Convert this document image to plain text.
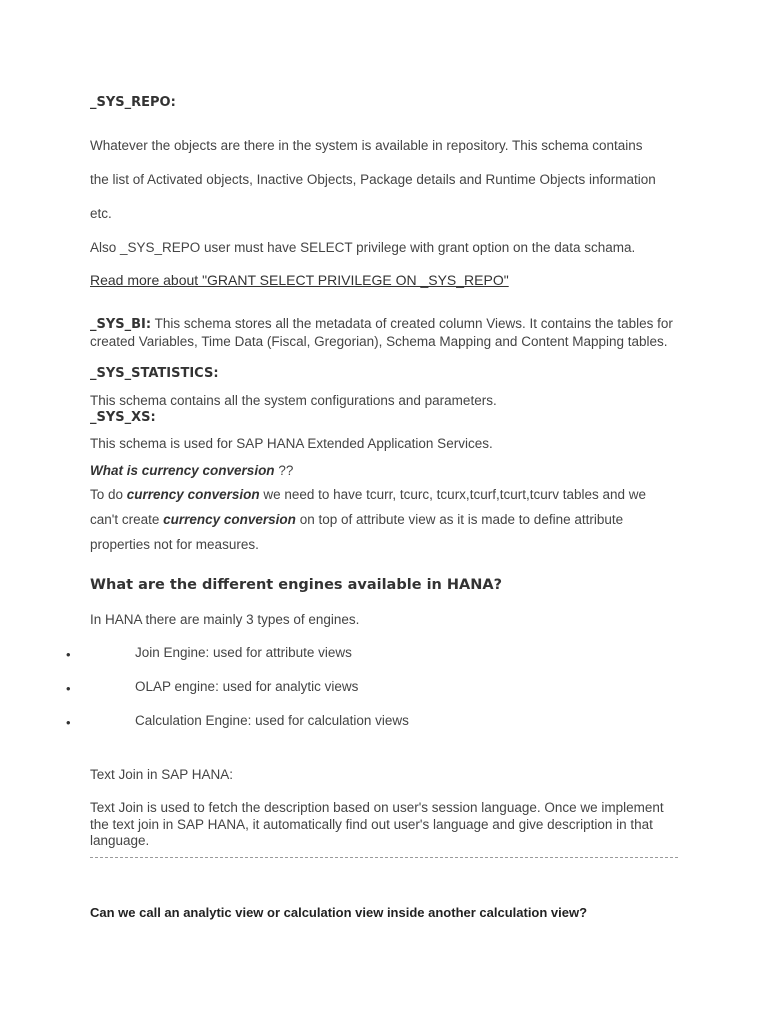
_SYS_REPO:
Whatever the objects are there in the system is available in repository. This schema contains
the list of Activated objects, Inactive Objects, Package details and Runtime Objects information
etc.
Also _SYS_REPO user must have SELECT privilege with grant option on the data schama.
Read more about "GRANT SELECT PRIVILEGE ON _SYS_REPO"
_SYS_BI: This schema stores all the metadata of created column Views. It contains the tables for created Variables, Time Data (Fiscal, Gregorian), Schema Mapping and Content Mapping tables.
_SYS_STATISTICS:
This schema contains all the system configurations and parameters.
_SYS_XS:
This schema is used for SAP HANA Extended Application Services.
What is currency conversion ??
To do currency conversion we need to have tcurr, tcurc, tcurx,tcurf,tcurt,tcurv tables and we
can't create currency conversion on top of attribute view as it is made to define attribute
properties not for measures.
What are the different engines available in HANA?
In HANA there are mainly 3 types of engines.
•	Join Engine: used for attribute views
•	OLAP engine: used for analytic views
•	Calculation Engine: used for calculation views
Text Join in SAP HANA:
Text Join is used to fetch the description based on user's session language. Once we implement the text join in SAP HANA, it automatically find out user's language and give description in that language.
Can we call an analytic view or calculation view inside another calculation view?
